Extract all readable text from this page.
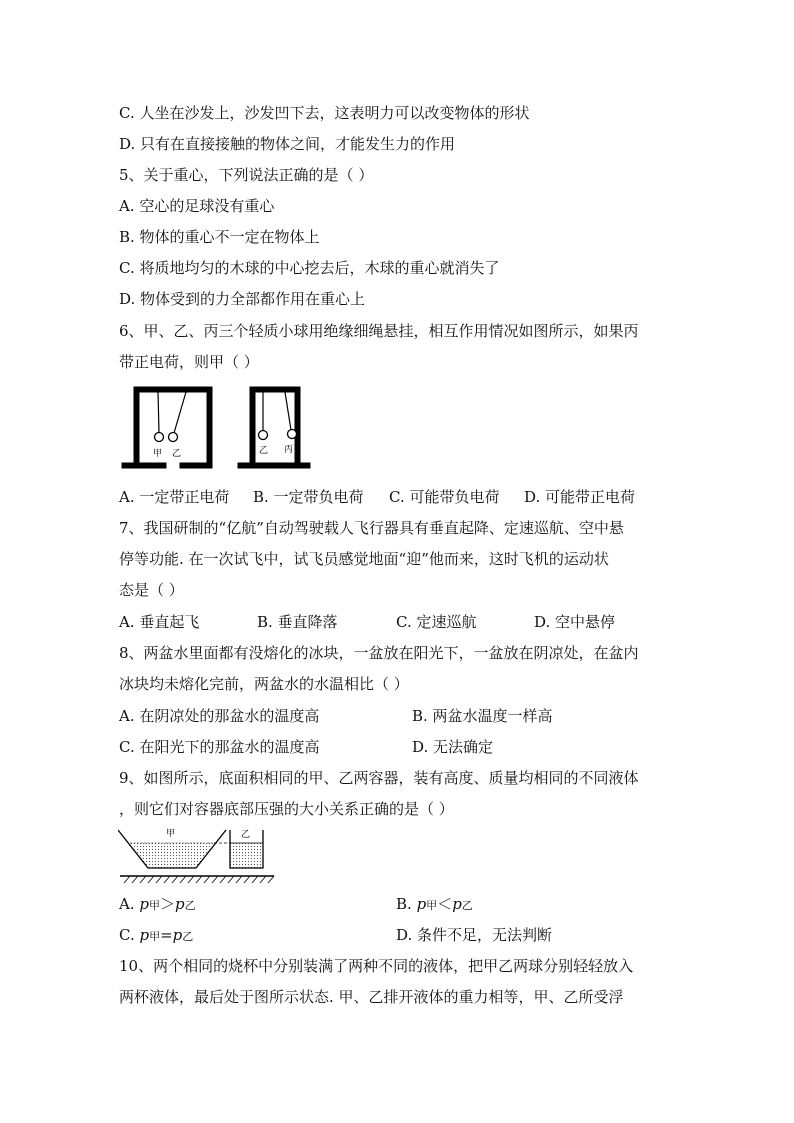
C. 人坐在沙发上，沙发凹下去，这表明力可以改变物体的形状
D. 只有在直接接触的物体之间，才能发生力的作用
5、关于重心，下列说法正确的是（ ）
A. 空心的足球没有重心
B. 物体的重心不一定在物体上
C. 将质地均匀的木球的中心挖去后，木球的重心就消失了
D. 物体受到的力全部都作用在重心上
6、甲、乙、丙三个轻质小球用绝缘细绳悬挂，相互作用情况如图所示，如果丙
带正电荷，则甲（ ）
甲 乙	乙 丙
A. 一定带正电荷 B. 一定带负电荷 C. 可能带负电荷 D. 可能带正电荷
7、我国研制的“亿航”自动驾驶载人飞行器具有垂直起降、定速巡航、空中悬
停等功能. 在一次试飞中，试飞员感觉地面“迎”他而来，这时飞机的运动状
态是（ ）
A. 垂直起飞	B. 垂直降落	C. 定速巡航	D. 空中悬停
8、两盆水里面都有没熔化的冰块，一盆放在阳光下，一盆放在阴凉处，在盆内
冰块均未熔化完前，两盆水的水温相比（ ）
A. 在阴凉处的那盆水的温度高	B. 两盆水温度一样高
C. 在阳光下的那盆水的温度高	D. 无法确定
9、如图所示，底面积相同的甲、乙两容器，装有高度、质量均相同的不同液体
，则它们对容器底部压强的大小关系正确的是（ ）
甲	乙
A. p甲＞p乙	B. p甲＜p乙
C. p甲=p乙	D. 条件不足，无法判断
10、两个相同的烧杯中分别装满了两种不同的液体，把甲乙两球分别轻轻放入
两杯液体，最后处于图所示状态. 甲、乙排开液体的重力相等，甲、乙所受浮
